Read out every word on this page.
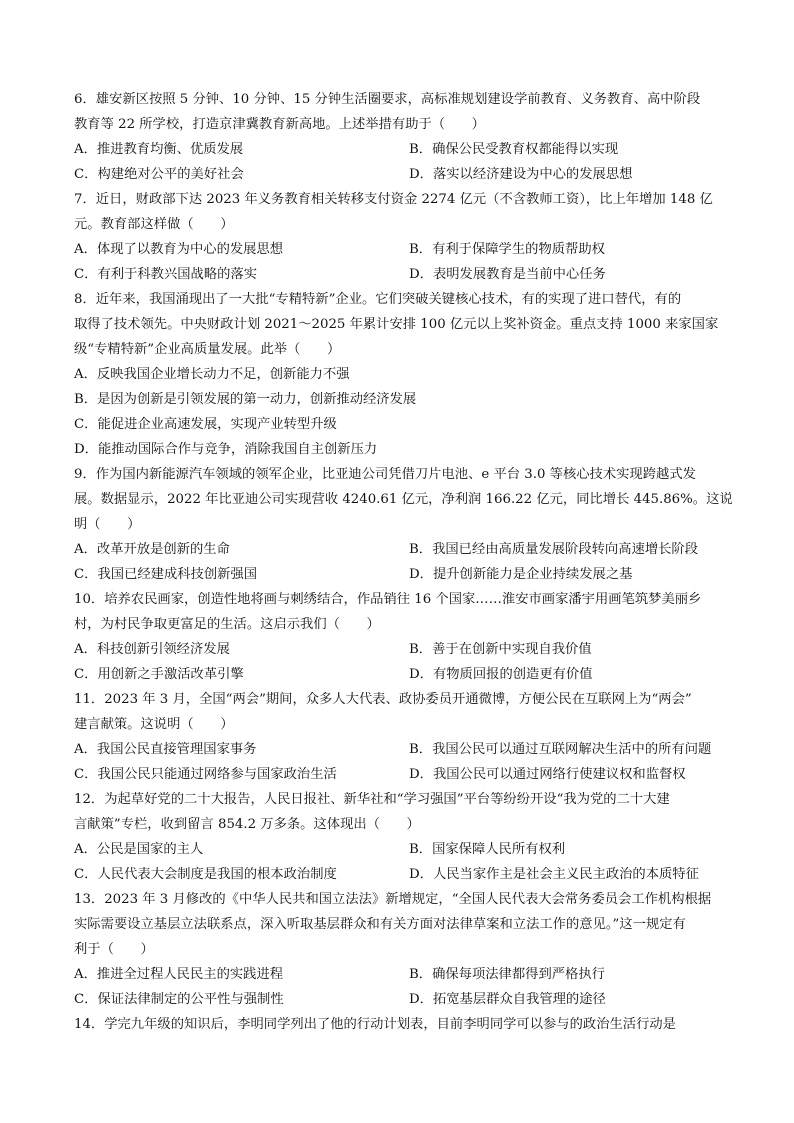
6．雄安新区按照 5 分钟、10 分钟、15 分钟生活圈要求，高标准规划建设学前教育、义务教育、高中阶段
教育等 22 所学校，打造京津冀教育新高地。上述举措有助于（　　）
A．推进教育均衡、优质发展	B．确保公民受教育权都能得以实现
C．构建绝对公平的美好社会	D．落实以经济建设为中心的发展思想
7．近日，财政部下达 2023 年义务教育相关转移支付资金 2274 亿元（不含教师工资），比上年增加 148 亿
元。教育部这样做（　　）
A．体现了以教育为中心的发展思想	B．有利于保障学生的物质帮助权
C．有利于科教兴国战略的落实	D．表明发展教育是当前中心任务
8．近年来，我国涌现出了一大批“专精特新”企业。它们突破关键核心技术，有的实现了进口替代，有的
取得了技术领先。中央财政计划 2021～2025 年累计安排 100 亿元以上奖补资金。重点支持 1000 来家国家
级“专精特新”企业高质量发展。此举（　　）
A．反映我国企业增长动力不足，创新能力不强
B．是因为创新是引领发展的第一动力，创新推动经济发展
C．能促进企业高速发展，实现产业转型升级
D．能推动国际合作与竞争，消除我国自主创新压力
9．作为国内新能源汽车领域的领军企业，比亚迪公司凭借刀片电池、e 平台 3.0 等核心技术实现跨越式发
展。数据显示，2022 年比亚迪公司实现营收 4240.61 亿元，净利润 166.22 亿元，同比增长 445.86%。这说
明（　　）
A．改革开放是创新的生命	B．我国已经由高质量发展阶段转向高速增长阶段
C．我国已经建成科技创新强国	D．提升创新能力是企业持续发展之基
10．培养农民画家，创造性地将画与刺绣结合，作品销往 16 个国家……淮安市画家潘宇用画笔筑梦美丽乡
村，为村民争取更富足的生活。这启示我们（　　）
A．科技创新引领经济发展	B．善于在创新中实现自我价值
C．用创新之手激活改革引擎	D．有物质回报的创造更有价值
11．2023 年 3 月，全国“两会”期间，众多人大代表、政协委员开通微博，方便公民在互联网上为“两会”
建言献策。这说明（　　）
A．我国公民直接管理国家事务	B．我国公民可以通过互联网解决生活中的所有问题
C．我国公民只能通过网络参与国家政治生活	D．我国公民可以通过网络行使建议权和监督权
12．为起草好党的二十大报告，人民日报社、新华社和“学习强国”平台等纷纷开设“我为党的二十大建
言献策”专栏，收到留言 854.2 万多条。这体现出（　　）
A．公民是国家的主人	B．国家保障人民所有权利
C．人民代表大会制度是我国的根本政治制度	D．人民当家作主是社会主义民主政治的本质特征
13．2023 年 3 月修改的《中华人民共和国立法法》新增规定，“全国人民代表大会常务委员会工作机构根据
实际需要设立基层立法联系点，深入听取基层群众和有关方面对法律草案和立法工作的意见。”这一规定有
利于（　　）
A．推进全过程人民民主的实践进程	B．确保每项法律都得到严格执行
C．保证法律制定的公平性与强制性	D．拓宽基层群众自我管理的途径
14．学完九年级的知识后，李明同学列出了他的行动计划表，目前李明同学可以参与的政治生活行动是
